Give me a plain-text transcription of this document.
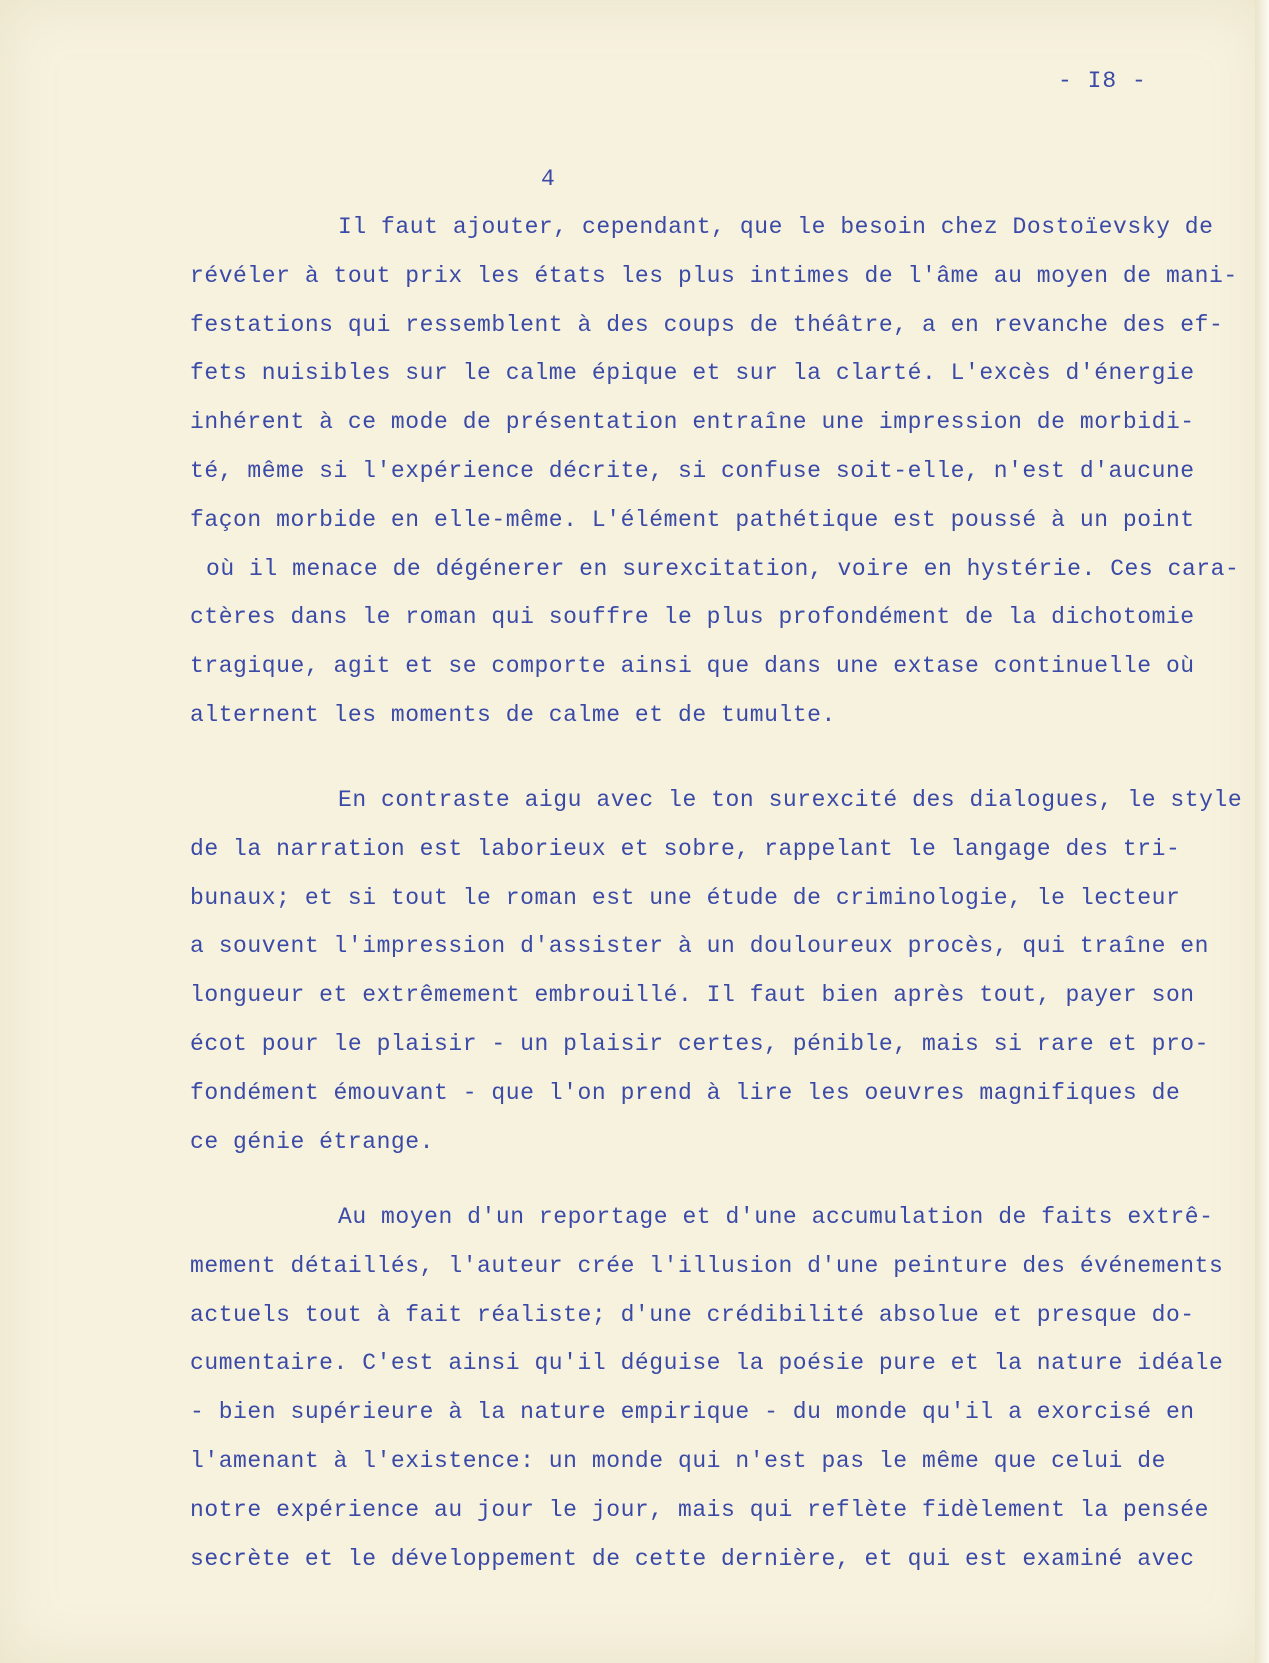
- I8 -
4
Il faut ajouter, cependant, que le besoin chez Dostoïevsky de
révéler à tout prix les états les plus intimes de l'âme au moyen de mani-
festations qui ressemblent à des coups de théâtre, a en revanche des ef-
fets nuisibles sur le calme épique et sur la clarté. L'excès d'énergie
inhérent à ce mode de présentation entraîne une impression de morbidi-
té, même si l'expérience décrite, si confuse soit-elle, n'est d'aucune
façon morbide en elle-même. L'élément pathétique est poussé à un point
où il menace de dégénerer en surexcitation, voire en hystérie. Ces cara-
ctères dans le roman qui souffre le plus profondément de la dichotomie
tragique, agit et se comporte ainsi que dans une extase continuelle où
alternent les moments de calme et de tumulte.
En contraste aigu avec le ton surexcité des dialogues, le style
de la narration est laborieux et sobre, rappelant le langage des tri-
bunaux; et si tout le roman est une étude de criminologie, le lecteur
a souvent l'impression d'assister à un douloureux procès, qui traîne en
longueur et extrêmement embrouillé. Il faut bien après tout, payer son
écot pour le plaisir - un plaisir certes, pénible, mais si rare et pro-
fondément émouvant - que l'on prend à lire les oeuvres magnifiques de
ce génie étrange.
Au moyen d'un reportage et d'une accumulation de faits extrê-
mement détaillés, l'auteur crée l'illusion d'une peinture des événements
actuels tout à fait réaliste; d'une crédibilité absolue et presque do-
cumentaire. C'est ainsi qu'il déguise la poésie pure et la nature idéale
- bien supérieure à la nature empirique - du monde qu'il a exorcisé en
l'amenant à l'existence: un monde qui n'est pas le même que celui de
notre expérience au jour le jour, mais qui reflète fidèlement la pensée
secrète et le développement de cette dernière, et qui est examiné avec
